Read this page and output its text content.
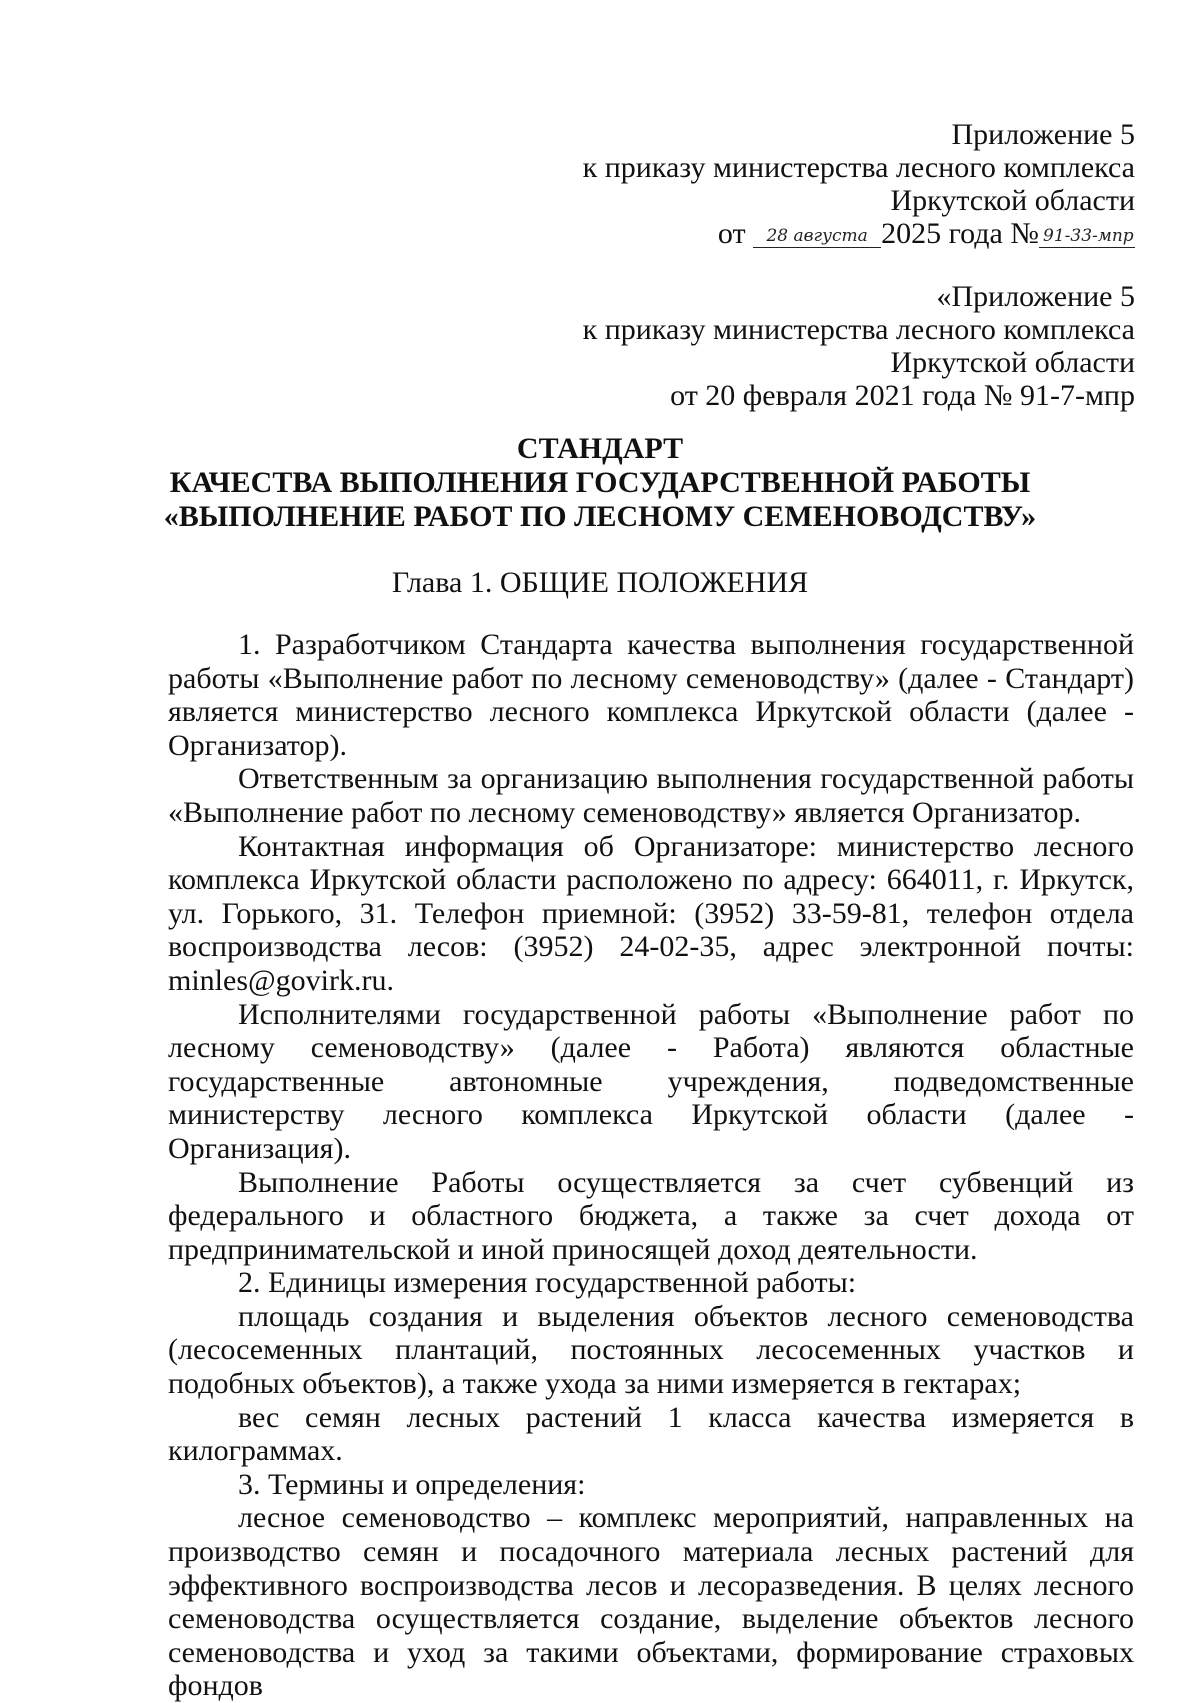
Приложение 5
к приказу министерства лесного комплекса
Иркутской области
от 28 августа 2025 года № 91-33-мпр
«Приложение 5
к приказу министерства лесного комплекса
Иркутской области
от 20 февраля 2021 года № 91-7-мпр
СТАНДАРТ
КАЧЕСТВА ВЫПОЛНЕНИЯ ГОСУДАРСТВЕННОЙ РАБОТЫ
«ВЫПОЛНЕНИЕ РАБОТ ПО ЛЕСНОМУ СЕМЕНОВОДСТВУ»
Глава 1. ОБЩИЕ ПОЛОЖЕНИЯ

1. Разработчиком Стандарта качества выполнения государственной работы «Выполнение работ по лесному семеноводству» (далее - Стандарт) является министерство лесного комплекса Иркутской области (далее - Организатор).

Ответственным за организацию выполнения государственной работы «Выполнение работ по лесному семеноводству» является Организатор.

Контактная информация об Организаторе: министерство лесного комплекса Иркутской области расположено по адресу: 664011, г. Иркутск, ул. Горького, 31. Телефон приемной: (3952) 33-59-81, телефон отдела воспроизводства лесов: (3952) 24-02-35, адрес электронной почты: minles@govirk.ru.

Исполнителями государственной работы «Выполнение работ по лесному семеноводству» (далее - Работа) являются областные государственные автономные учреждения, подведомственные министерству лесного комплекса Иркутской области (далее - Организация).

Выполнение Работы осуществляется за счет субвенций из федерального и областного бюджета, а также за счет дохода от предпринимательской и иной приносящей доход деятельности.

2. Единицы измерения государственной работы:

площадь создания и выделения объектов лесного семеноводства (лесосеменных плантаций, постоянных лесосеменных участков и подобных объектов), а также ухода за ними измеряется в гектарах;

вес семян лесных растений 1 класса качества измеряется в килограммах.

3. Термины и определения:

лесное семеноводство – комплекс мероприятий, направленных на производство семян и посадочного материала лесных растений для эффективного воспроизводства лесов и лесоразведения. В целях лесного семеноводства осуществляется создание, выделение объектов лесного семеноводства и уход за такими объектами, формирование страховых фондов
